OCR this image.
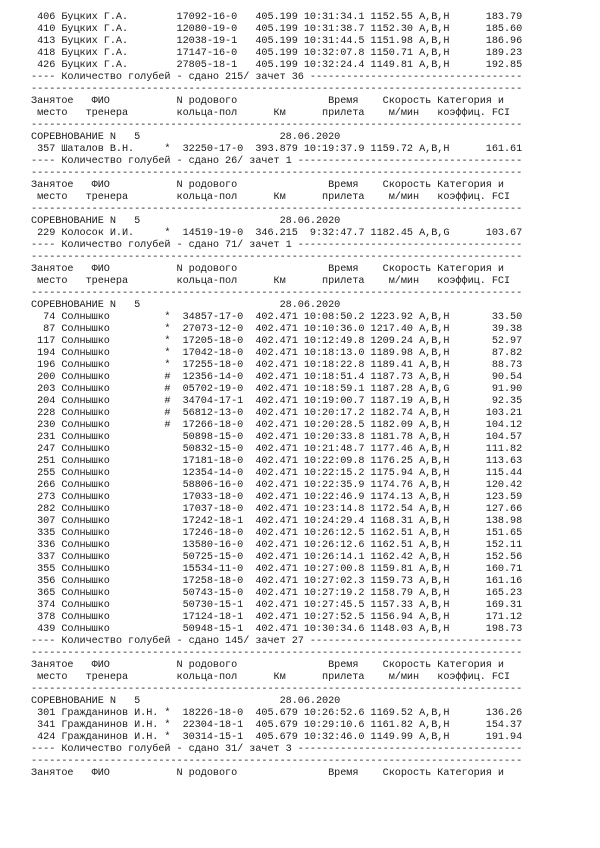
406 Буцких Г.А.        17092-16-0   405.199 10:31:34.1 1152.55 А,В,Н      183.79
410 Буцких Г.А.        12080-19-0   405.199 10:31:38.7 1152.30 А,В,Н      185.60
413 Буцких Г.А.        12038-19-1   405.199 10:31:44.5 1151.98 А,В,Н      186.96
418 Буцких Г.А.        17147-16-0   405.199 10:32:07.8 1150.71 А,В,Н      189.23
426 Буцких Г.А.        27805-18-1   405.199 10:32:24.4 1149.81 А,В,Н      192.85
---- Количество голубей - сдано 215/ зачет 36 -----------------------------------
---------------------------------------------------------------------------------
Занятое   ФИО           N родового               Время    Скорость Категория и
место   тренера        кольца-пол      Км      прилета    м/мин   коэффиц. FCI
---------------------------------------------------------------------------------
СОРЕВНОВАНИЕ N   5                       28.06.2020
357 Шаталов В.Н.     *  32250-17-0  393.879 10:19:37.9 1159.72 А,В,Н      161.61
---- Количество голубей - сдано 26/ зачет 1 -------------------------------------
---------------------------------------------------------------------------------
Занятое   ФИО           N родового               Время    Скорость Категория и
место   тренера        кольца-пол      Км      прилета    м/мин   коэффиц. FCI
---------------------------------------------------------------------------------
СОРЕВНОВАНИЕ N   5                       28.06.2020
229 Колосок И.И.     *  14519-19-0  346.215  9:32:47.7 1182.45 А,В,G      103.67
---- Количество голубей - сдано 71/ зачет 1 -------------------------------------
---------------------------------------------------------------------------------
Занятое   ФИО           N родового               Время    Скорость Категория и
место   тренера        кольца-пол      Км      прилета    м/мин   коэффиц. FCI
---------------------------------------------------------------------------------
СОРЕВНОВАНИЕ N   5                       28.06.2020
74 Солнышко         *  34857-17-0  402.471 10:08:50.2 1223.92 А,В,Н       33.50
87 Солнышко         *  27073-12-0  402.471 10:10:36.0 1217.40 А,В,Н       39.38
117 Солнышко         *  17205-18-0  402.471 10:12:49.8 1209.24 А,В,Н       52.97
194 Солнышко         *  17042-18-0  402.471 10:18:13.0 1189.98 А,В,Н       87.82
196 Солнышко         *  17255-18-0  402.471 10:18:22.8 1189.41 А,В,Н       88.73
200 Солнышко         #  12356-14-0  402.471 10:18:51.4 1187.73 А,В,Н       90.54
203 Солнышко         #  05702-19-0  402.471 10:18:59.1 1187.28 А,В,G       91.90
204 Солнышко         #  34704-17-1  402.471 10:19:00.7 1187.19 А,В,Н       92.35
228 Солнышко         #  56812-13-0  402.471 10:20:17.2 1182.74 А,В,Н      103.21
230 Солнышко         #  17266-18-0  402.471 10:20:28.5 1182.09 А,В,Н      104.12
231 Солнышко            50898-15-0  402.471 10:20:33.8 1181.78 А,В,Н      104.57
247 Солнышко            50832-15-0  402.471 10:21:48.7 1177.46 А,В,Н      111.82
251 Солнышко            17181-18-0  402.471 10:22:09.8 1176.25 А,В,Н      113.63
255 Солнышко            12354-14-0  402.471 10:22:15.2 1175.94 А,В,Н      115.44
266 Солнышко            58806-16-0  402.471 10:22:35.9 1174.76 А,В,Н      120.42
273 Солнышко            17033-18-0  402.471 10:22:46.9 1174.13 А,В,Н      123.59
282 Солнышко            17037-18-0  402.471 10:23:14.8 1172.54 А,В,Н      127.66
307 Солнышко            17242-18-1  402.471 10:24:29.4 1168.31 А,В,Н      138.98
335 Солнышко            17246-18-0  402.471 10:26:12.5 1162.51 А,В,Н      151.65
336 Солнышко            13580-16-0  402.471 10:26:12.6 1162.51 А,В,Н      152.11
337 Солнышко            50725-15-0  402.471 10:26:14.1 1162.42 А,В,Н      152.56
355 Солнышко            15534-11-0  402.471 10:27:00.8 1159.81 А,В,Н      160.71
356 Солнышко            17258-18-0  402.471 10:27:02.3 1159.73 А,В,Н      161.16
365 Солнышко            50743-15-0  402.471 10:27:19.2 1158.79 А,В,Н      165.23
374 Солнышко            50730-15-1  402.471 10:27:45.5 1157.33 А,В,Н      169.31
378 Солнышко            17124-18-1  402.471 10:27:52.5 1156.94 А,В,Н      171.12
439 Солнышко            50948-15-1  402.471 10:30:34.6 1148.03 А,В,Н      198.73
---- Количество голубей - сдано 145/ зачет 27 -----------------------------------
---------------------------------------------------------------------------------
Занятое   ФИО           N родового               Время    Скорость Категория и
место   тренера        кольца-пол      Км      прилета    м/мин   коэффиц. FCI
---------------------------------------------------------------------------------
СОРЕВНОВАНИЕ N   5                       28.06.2020
301 Гражданинов И.Н. *  18226-18-0  405.679 10:26:52.6 1169.52 А,В,Н      136.26
341 Гражданинов И.Н. *  22304-18-1  405.679 10:29:10.6 1161.82 А,В,Н      154.37
424 Гражданинов И.Н. *  30314-15-1  405.679 10:32:46.0 1149.99 А,В,Н      191.94
---- Количество голубей - сдано 31/ зачет 3 -------------------------------------
---------------------------------------------------------------------------------
Занятое   ФИО           N родового               Время    Скорость Категория и
